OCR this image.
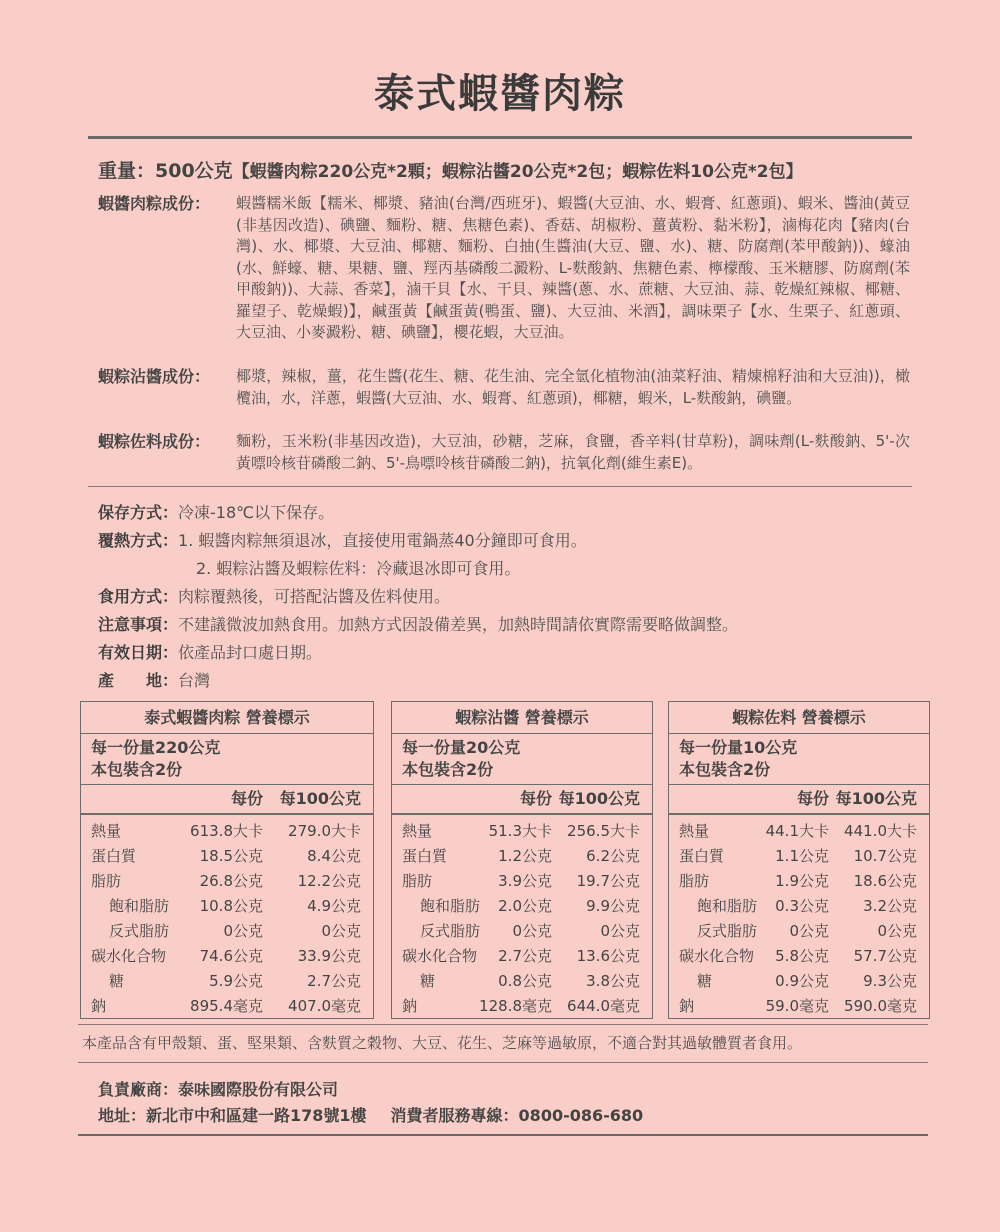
泰式蝦醬肉粽
重量：500公克【蝦醬肉粽220公克*2顆；蝦粽沾醬20公克*2包；蝦粽佐料10公克*2包】
蝦醬肉粽成份：	蝦醬糯米飯【糯米、椰漿、豬油(台灣/西班牙)、蝦醬(大豆油、水、蝦膏、紅蔥頭)、蝦米、醬油(黃豆(非基因改造)、碘鹽、麵粉、糖、焦糖色素)、香菇、胡椒粉、薑黃粉、黏米粉】，滷梅花肉【豬肉(台灣)、水、椰漿、大豆油、椰糖、麵粉、白抽(生醬油(大豆、鹽、水)、糖、防腐劑(苯甲酸鈉))、蠔油(水、鮮蠔、糖、果糖、鹽、羥丙基磷酸二澱粉、L-麩酸鈉、焦糖色素、檸檬酸、玉米糖膠、防腐劑(苯甲酸鈉))、大蒜、香菜】，滷干貝【水、干貝、辣醬(蔥、水、蔗糖、大豆油、蒜、乾燥紅辣椒、椰糖、羅望子、乾燥蝦)】，鹹蛋黃【鹹蛋黃(鴨蛋、鹽)、大豆油、米酒】，調味栗子【水、生栗子、紅蔥頭、大豆油、小麥澱粉、糖、碘鹽】，櫻花蝦，大豆油。
蝦粽沾醬成份：	椰漿，辣椒，薑，花生醬(花生、糖、花生油、完全氫化植物油(油菜籽油、精煉棉籽油和大豆油))，橄欖油，水，洋蔥，蝦醬(大豆油、水、蝦膏、紅蔥頭)，椰糖，蝦米，L-麩酸鈉，碘鹽。
蝦粽佐料成份：	麵粉，玉米粉(非基因改造)，大豆油，砂糖，芝麻，食鹽，香辛料(甘草粉)，調味劑(L-麩酸鈉、5'-次黃嘌呤核苷磷酸二鈉、5'-鳥嘌呤核苷磷酸二鈉)，抗氧化劑(維生素E)。
保存方式：冷凍-18℃以下保存。
覆熱方式：1. 蝦醬肉粽無須退冰，直接使用電鍋蒸40分鐘即可食用。
2. 蝦粽沾醬及蝦粽佐料：冷藏退冰即可食用。
食用方式：肉粽覆熱後，可搭配沾醬及佐料使用。
注意事項：不建議微波加熱食用。加熱方式因設備差異，加熱時間請依實際需要略做調整。
有效日期：依產品封口處日期。
產　　地：台灣
泰式蝦醬肉粽 營養標示
每一份量220公克
本包裝含2份
每份 每100公克
熱量	613.8大卡 279.0大卡
蛋白質	18.5公克	8.4公克
脂肪	26.8公克 12.2公克
飽和脂肪 10.8公克	4.9公克
反式脂肪	0公克	0公克
碳水化合物 74.6公克 33.9公克
糖	5.9公克	2.7公克
鈉	895.4毫克 407.0毫克
蝦粽沾醬 營養標示
每一份量20公克
本包裝含2份
每份 每100公克
熱量	51.3大卡 256.5大卡
蛋白質	1.2公克 6.2公克
脂肪	3.9公克 19.7公克
飽和脂肪 2.0公克 9.9公克
反式脂肪 0公克	0公克
碳水化合物 2.7公克 13.6公克
糖	0.8公克 3.8公克
鈉	128.8毫克 644.0毫克
蝦粽佐料 營養標示
每一份量10公克
本包裝含2份
每份 每100公克
熱量	44.1大卡 441.0大卡
蛋白質	1.1公克 10.7公克
脂肪	1.9公克 18.6公克
飽和脂肪 0.3公克 3.2公克
反式脂肪 0公克	0公克
碳水化合物 5.8公克 57.7公克
糖	0.9公克 9.3公克
鈉	59.0毫克 590.0毫克
本產品含有甲殼類、蛋、堅果類、含麩質之穀物、大豆、花生、芝麻等過敏原，不適合對其過敏體質者食用。
負責廠商：泰味國際股份有限公司
地址：新北市中和區建一路178號1樓 消費者服務專線：0800-086-680
